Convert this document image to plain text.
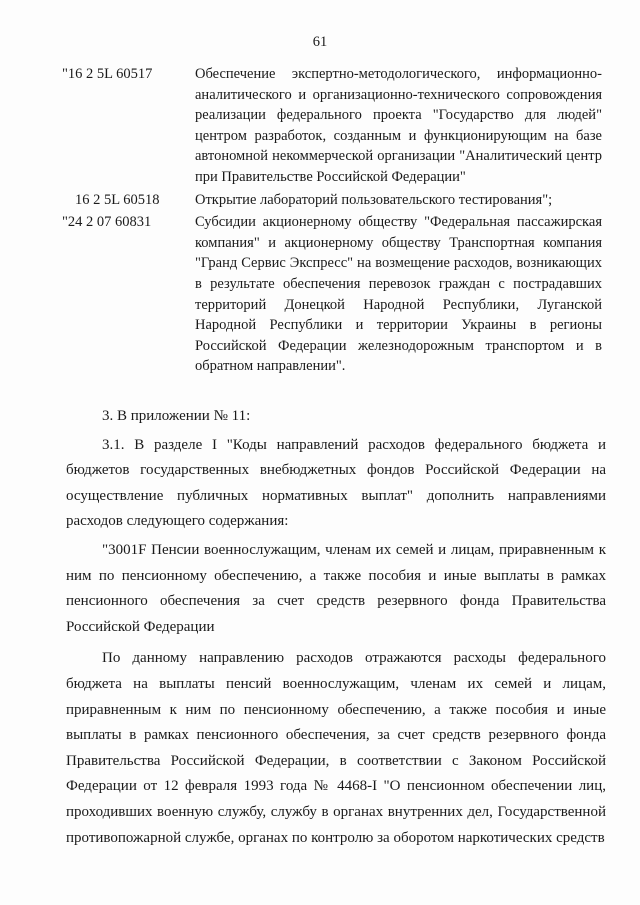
61
"16 2 5L 60517	Обеспечение экспертно-методологического, информационно-аналитического и организационно-технического сопровождения реализации федерального проекта "Государство для людей" центром разработок, созданным и функционирующим на базе автономной некоммерческой организации "Аналитический центр при Правительстве Российской Федерации"
16 2 5L 60518	Открытие лабораторий пользовательского тестирования";
"24 2 07 60831	Субсидии акционерному обществу "Федеральная пассажирская компания" и акционерному обществу Транспортная компания "Гранд Сервис Экспресс" на возмещение расходов, возникающих в результате обеспечения перевозок граждан с пострадавших территорий Донецкой Народной Республики, Луганской Народной Республики и территории Украины в регионы Российской Федерации железнодорожным транспортом и в обратном направлении".

3. В приложении № 11:

3.1. В разделе I "Коды направлений расходов федерального бюджета и бюджетов государственных внебюджетных фондов Российской Федерации на осуществление публичных нормативных выплат" дополнить направлениями расходов следующего содержания:

"3001F Пенсии военнослужащим, членам их семей и лицам, приравненным к ним по пенсионному обеспечению, а также пособия и иные выплаты в рамках пенсионного обеспечения за счет средств резервного фонда Правительства Российской Федерации

По данному направлению расходов отражаются расходы федерального бюджета на выплаты пенсий военнослужащим, членам их семей и лицам, приравненным к ним по пенсионному обеспечению, а также пособия и иные выплаты в рамках пенсионного обеспечения, за счет средств резервного фонда Правительства Российской Федерации, в соответствии с Законом Российской Федерации от 12 февраля 1993 года № 4468-I "О пенсионном обеспечении лиц, проходивших военную службу, службу в органах внутренних дел, Государственной противопожарной службе, органах по контролю за оборотом наркотических средств
